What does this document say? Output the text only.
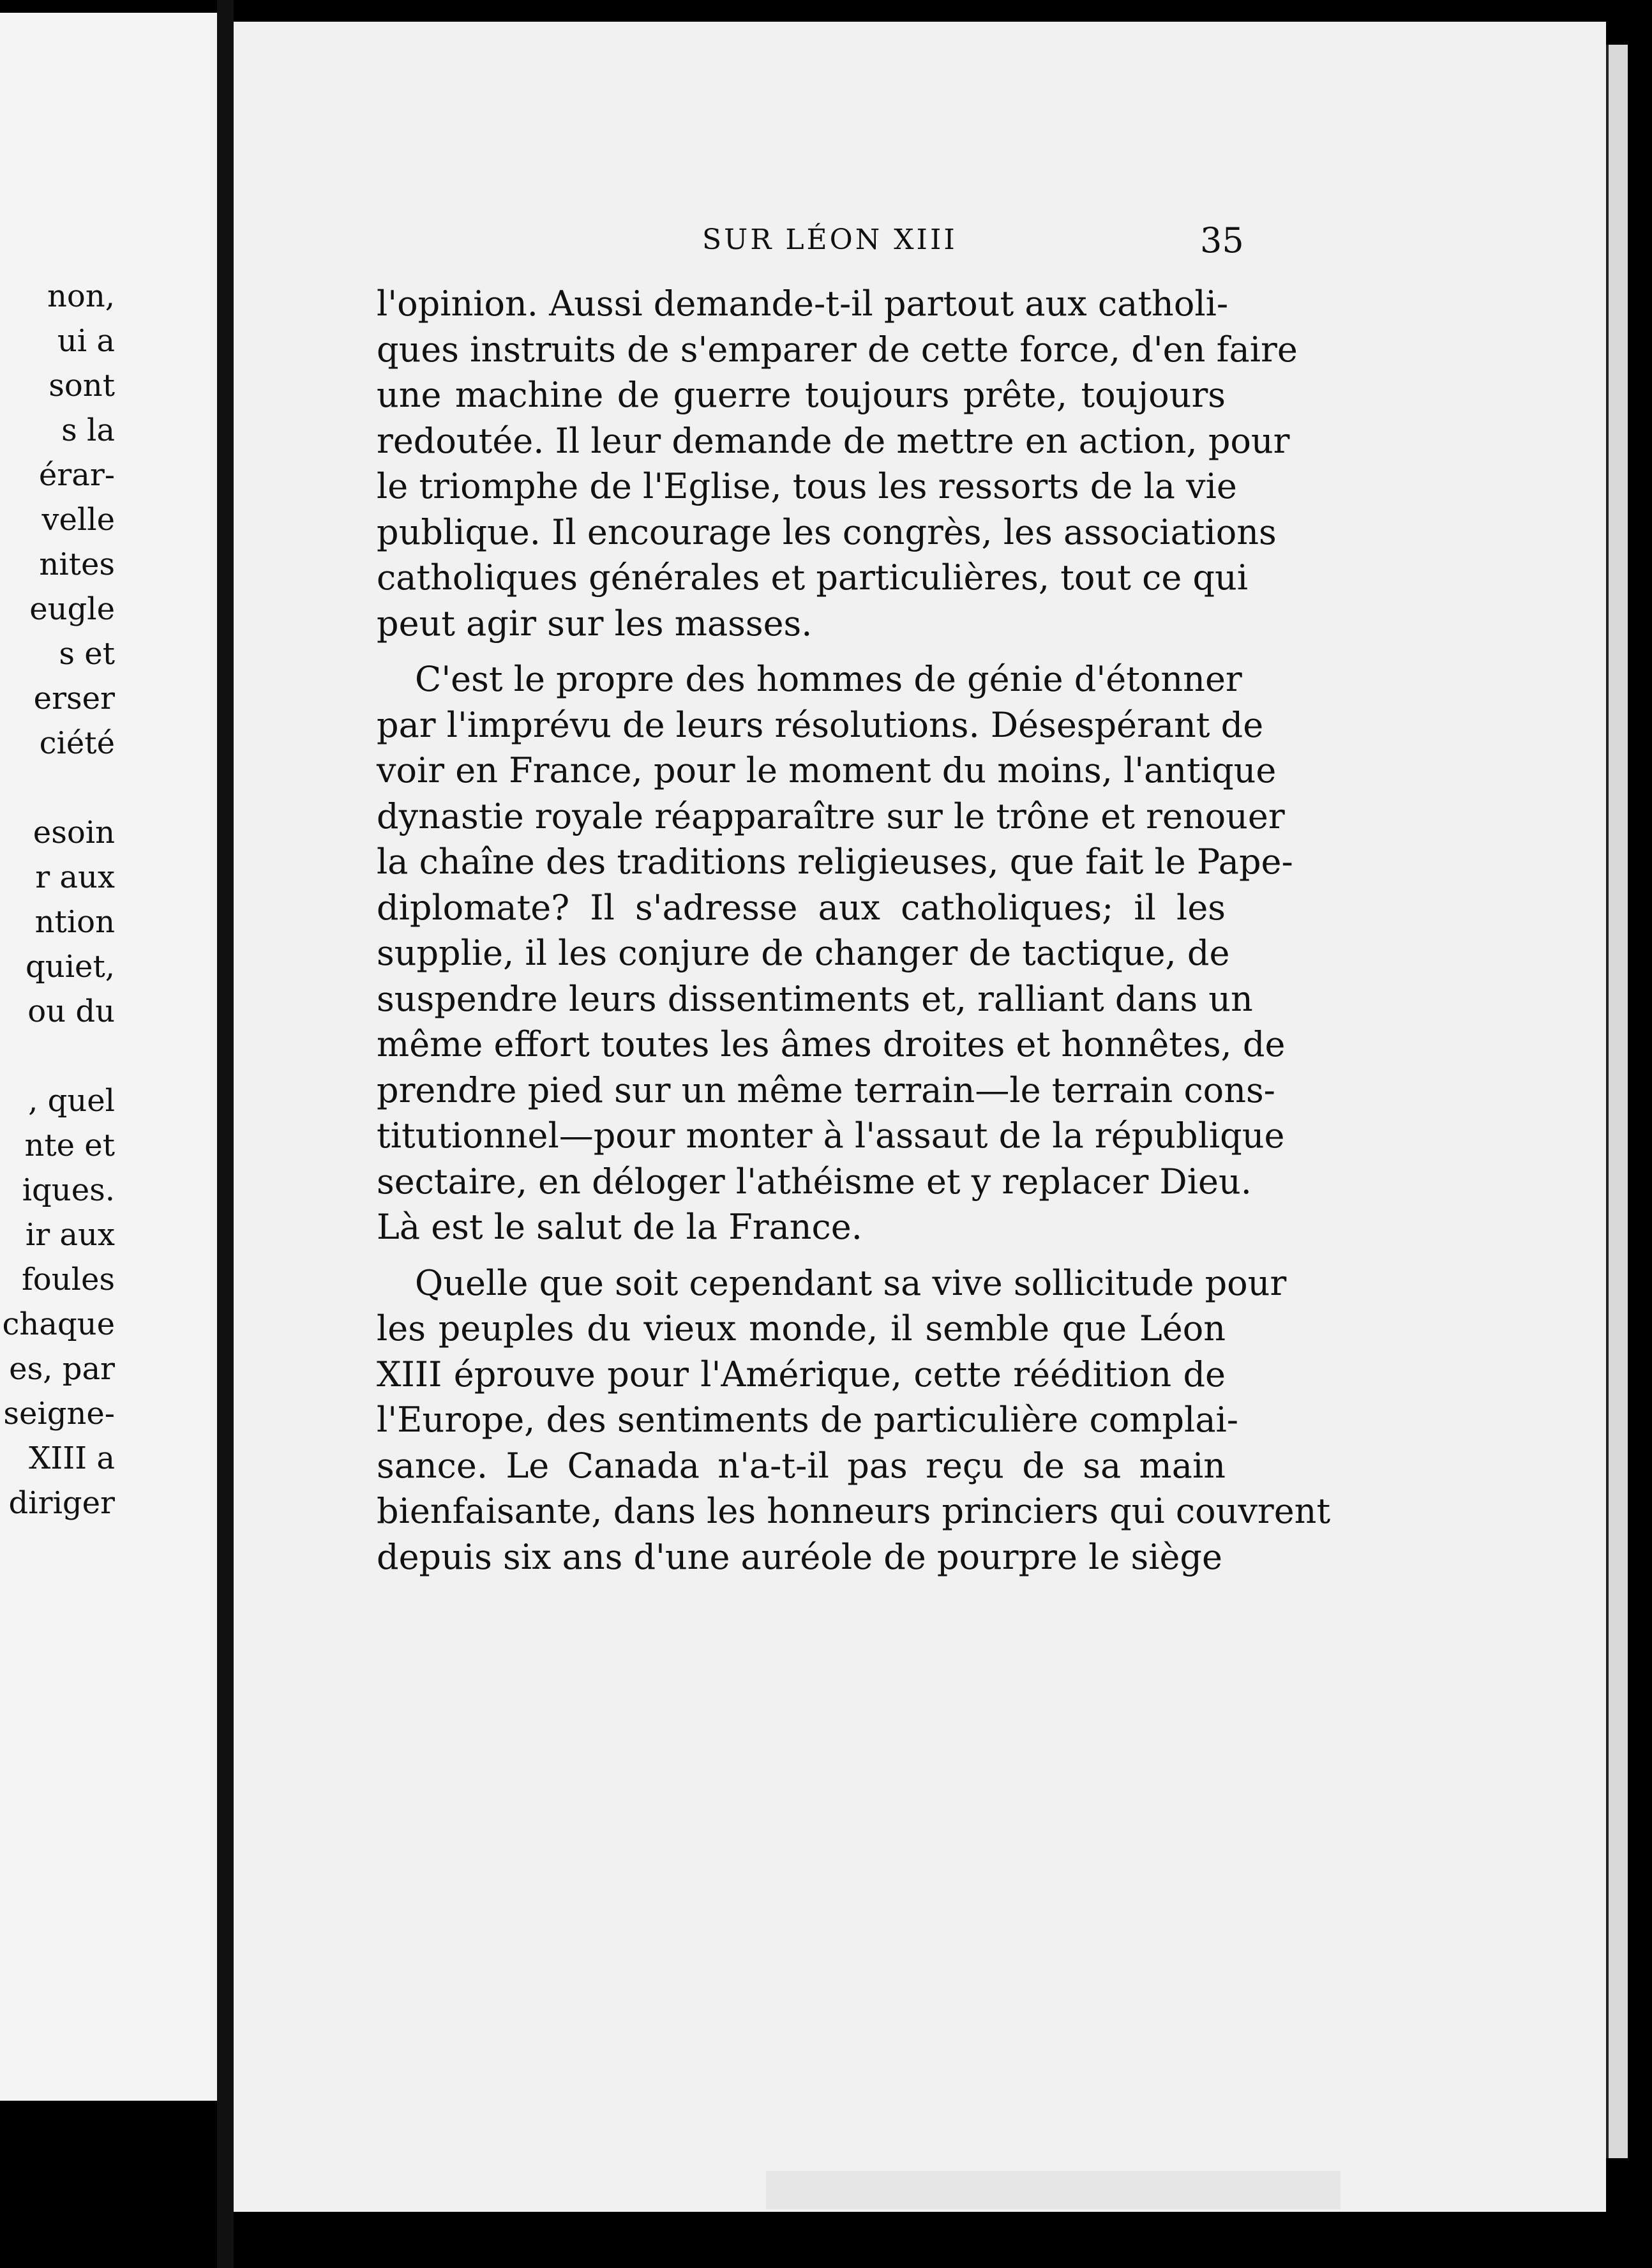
non,
ui a
sont
s la
érar-
velle
nites
eugle
s et
erser
ciété
esoin
r aux
ntion
quiet,
ou du
, quel
nte et
iques.
ir aux
foules
chaque
es, par
seigne-
XIII a
diriger
SUR LÉON XIII	35
l'opinion. Aussi demande-t-il partout aux catholi-
ques instruits de s'emparer de cette force, d'en faire
une machine de guerre toujours prête, toujours
redoutée. Il leur demande de mettre en action, pour
le triomphe de l'Eglise, tous les ressorts de la vie
publique. Il encourage les congrès, les associations
catholiques générales et particulières, tout ce qui
peut agir sur les masses.
C'est le propre des hommes de génie d'étonner
par l'imprévu de leurs résolutions. Désespérant de
voir en France, pour le moment du moins, l'antique
dynastie royale réapparaître sur le trône et renouer
la chaîne des traditions religieuses, que fait le Pape-
diplomate? Il s'adresse aux catholiques; il les
supplie, il les conjure de changer de tactique, de
suspendre leurs dissentiments et, ralliant dans un
même effort toutes les âmes droites et honnêtes, de
prendre pied sur un même terrain—le terrain cons-
titutionnel—pour monter à l'assaut de la république
sectaire, en déloger l'athéisme et y replacer Dieu.
Là est le salut de la France.
Quelle que soit cependant sa vive sollicitude pour
les peuples du vieux monde, il semble que Léon
XIII éprouve pour l'Amérique, cette réédition de
l'Europe, des sentiments de particulière complai-
sance. Le Canada n'a-t-il pas reçu de sa main
bienfaisante, dans les honneurs princiers qui couvrent
depuis six ans d'une auréole de pourpre le siège
